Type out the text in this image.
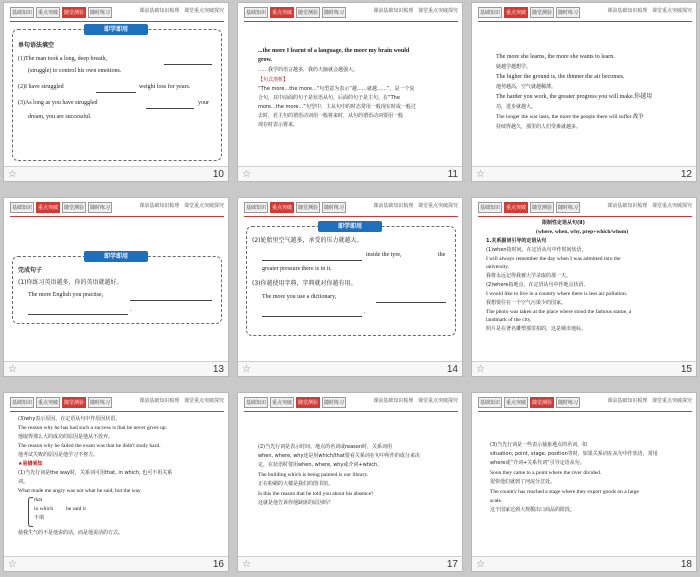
基础知识	重点突破	随堂测验	随时练习	课前基础知识梳理 课堂重点突破探究
即学即用
单句语法填空
(1)The man took a long, deep breath,
(struggle) to control his own emotions.
(2)I have struggled	weight loss for years.
(3)As long as you have struggled	your
dream, you are successful.
☆	10
基础知识	重点突破	随堂测验	随时练习	课前基础知识梳理 课堂重点突破探究
...the more I learnt of a language, the more my brain would
grow.
……我学的语言越多，我的大脑就会越强大。
【句式剖析】
“The more...the more...”句型意为表示“越……就越……”，是一个复
合句，其中前面的句子是状语从句，后面的句子是主句。在“The
more...the more...”句型中，主从句中的时态常用一般现在时或一般过
去时，若主句的谓语动词用一般将来时，从句的谓语动词要用一般
现在时表示将来。
☆	11
基础知识	重点突破	随堂测验	随时练习	课前基础知识梳理 课堂重点突破探究
The more she learns, the more she wants to learn.
她越学越想学。
The higher the ground is, the thinner the air becomes.
地势越高，空气就越稀薄。
The harder you work, the greater progress you will make.你越用
功，进步就越大。
The longer the war lasts, the more the people there will suffer.战争
持续得越久，那里的人们受难就越多。
☆	12
基础知识	重点突破	随堂测验	随时练习	课前基础知识梳理 课堂重点突破探究
即学即用
完成句子
(1)你练习英语越多，你的英语就越好。
The more English you practise,
.
☆	13
基础知识	重点突破	随堂测验	随时练习	课前基础知识梳理 课堂重点突破探究
即学即用
(2)轮胎里空气越多，承受的压力就越大。
inside the tyre,	the
greater pressure there is in it.
(3)你越使用字典，字典就对你越有用。
The more you use a dictionary,
.
☆	14
基础知识	重点突破	随堂测验	随时练习	课前基础知识梳理 课堂重点突破探究
限制性定语从句(Ⅱ)
(where, when, why, prep+which/whom)
1.关系副词引导的定语从句
(1)when指时间，在定语从句中作时间状语。
I will always remember the day when I was admitted into the
university.
我将永远记得我被大学录取的那一天。
(2)where指地点，在定语从句中作地点状语。
I would like to live in a country where there is less air pollution.
我想要住在一个空气污染少的国家。
The photo was taken at the place where stood the famous statue, a
landmark of the city.
照片是在著名雕塑那里拍的，这是城市地标。
☆	15
基础知识	重点突破	随堂测验	随时练习	课前基础知识梳理 课堂重点突破探究
(3)why表示原因，在定语从句中作原因状语。
The reason why he has had such a success is that he never gives up.
他取得那么大的成功的原因是他从不放弃。
The reason why he failed the exam was that he didn't study hard.
他考试失败的原因是他学习不努力。
★易错须知
(1)当先行词是the way时，关系词可用that, in which, 也可不用关系
词。
What made me angry was not what he said, but the way
that
in which
不填
he said it
使我生气的不是他说的话，而是他说话的方式。
☆	16
基础知识	重点突破	随堂测验	随时练习	课前基础知识梳理 课堂重点突破探究
(2)当先行词是表示时间、地点的名词或reason时，关系词用
when, where, why还是用which/that要看关系词在句中所作的成分来决
定，在状语时要用when, where, why或介词+which。
The building which is being painted is our library.
正在粉刷的大楼是我们的图书馆。
Is this the reason that he told you about his absence?
这就是他告诉你他缺席的原因吗？
☆	17
基础知识	重点突破	随堂测验	随时练习	课前基础知识梳理 课堂重点突破探究
(3)当先行词是一些表示抽象地点的名词，如
situation, point, stage, position等时，如果关系词在从句中作状语，常用
where或“介词+关系代词”引导定语从句。
Soon they came to a point where the river divided.
很快他们就到了河流分岔处。
The country has reached a stage where they export goods on a large
scale.
这个国家达到大规模出口商品的阶段。
☆	18
